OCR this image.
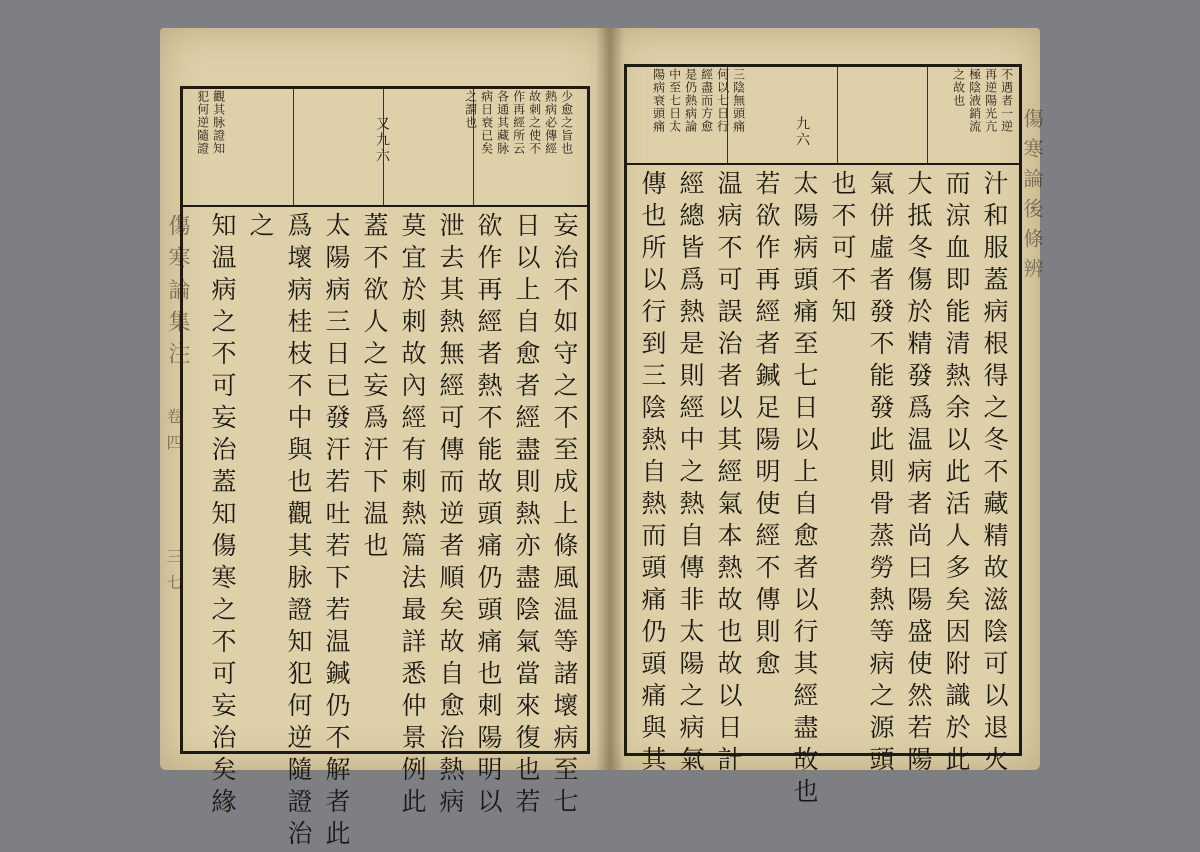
少愈之旨也
熱病必傳經
故刺之使不
作再經所云
各通其藏脉
病日衰已矣
之謂也
觀其脉證知
犯何逆隨證	又九六
妄治不如守之不至成上條風温等諸壞病至七
日以上自愈者經盡則熱亦盡陰氣當來復也若
欲作再經者熱不能故頭痛仍頭痛也刺陽明以
泄去其熱無經可傳而逆者順矣故自愈治熱病
莫宜於刺故內經有刺熱篇法最詳悉仲景例此
蓋不欲人之妄爲汗下温也
太陽病三日已發汗若吐若下若温鍼仍不解者此
爲壞病桂枝不中與也觀其脉證知犯何逆隨證治
之
知温病之不可妄治蓋知傷寒之不可妄治矣緣
傷寒論集注
卷四
三七
不遇者一逆
再逆陽光亢
極陰液銷流
之故也
三陰無頭痛
何以七日行
經盡而方愈
是仍熱病論
中至七日太
陽病衰頭痛	九六
汁和服蓋病根得之冬不藏精故滋陰可以退火
而涼血即能清熱余以此活人多矣因附識於此
大抵冬傷於精發爲温病者尚曰陽盛使然若陽
氣併虛者發不能發此則骨蒸勞熱等病之源頭
也不可不知
太陽病頭痛至七日以上自愈者以行其經盡故也
若欲作再經者鍼足陽明使經不傳則愈
温病不可誤治者以其經氣本熱故也故以日計
經總皆爲熱是則經中之熱自傳非太陽之病氣
傳也所以行到三陰熱自熱而頭痛仍頭痛與其	傷寒論後條辨
